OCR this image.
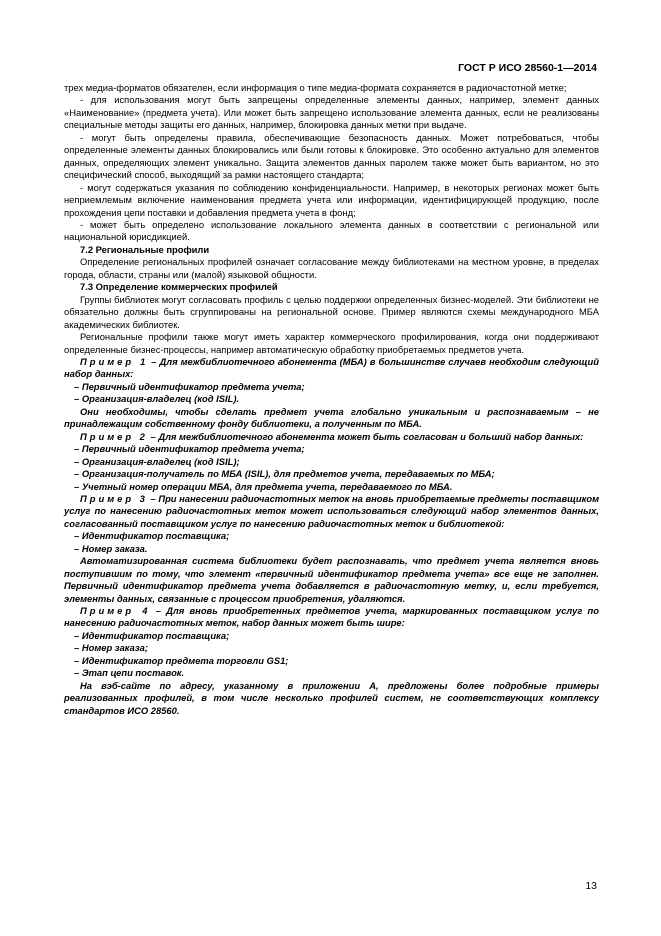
ГОСТ Р ИСО 28560-1—2014

трех медиа-форматов обязателен, если информация о типе медиа-формата сохраняется в радиочастотной метке;

- для использования могут быть запрещены определенные элементы данных, например, элемент данных «Наименование» (предмета учета). Или может быть запрещено использование элемента данных, если не реализованы специальные методы защиты его данных, например, блокировка данных метки при выдаче.

- могут быть определены правила, обеспечивающие безопасность данных. Может потребоваться, чтобы определенные элементы данных блокировались или были готовы к блокировке. Это особенно актуально для элементов данных, определяющих элемент уникально. Защита элементов данных паролем также может быть вариантом, но это специфический способ, выходящий за рамки настоящего стандарта;

- могут содержаться указания по соблюдению конфиденциальности. Например, в некоторых регионах может быть неприемлемым включение наименования предмета учета или информации, идентифицирующей продукцию, после прохождения цепи поставки и добавления предмета учета в фонд;

- может быть определено использование локального элемента данных в соответствии с региональной или национальной юрисдикцией.

7.2 Региональные профили

Определение региональных профилей означает согласование между библиотеками на местном уровне, в пределах города, области, страны или (малой) языковой общности.

7.3 Определение коммерческих профилей

Группы библиотек могут согласовать профиль с целью поддержки определенных бизнес-моделей. Эти библиотеки не обязательно должны быть сгруппированы на региональной основе. Пример являются схемы международного МБА академических библиотек.

Региональные профили также могут иметь характер коммерческого профилирования, когда они поддерживают определенные бизнес-процессы, например автоматическую обработку приобретаемых предметов учета.

Пример 1 – Для межбиблиотечного абонемента (МБА) в большинстве случаев необходим следующий набор данных:

– Первичный идентификатор предмета учета;

– Организация-владелец (код ISIL).

Они необходимы, чтобы сделать предмет учета глобально уникальным и распознаваемым – не принадлежащим собственному фонду библиотеки, а полученным по МБА.

Пример 2 – Для межбиблиотечного абонемента может быть согласован и больший набор данных:

– Первичный идентификатор предмета учета;

– Организация-владелец (код ISIL);

– Организация-получатель по МБА (ISIL), для предметов учета, передаваемых по МБА;

– Учетный номер операции МБА, для предмета учета, передаваемого по МБА.

Пример 3 – При нанесении радиочастотных меток на вновь приобретаемые предметы поставщиком услуг по нанесению радиочастотных меток может использоваться следующий набор элементов данных, согласованный поставщиком услуг по нанесению радиочастотных меток и библиотекой:

– Идентификатор поставщика;

– Номер заказа.

Автоматизированная система библиотеки будет распознавать, что предмет учета является вновь поступившим по тому, что элемент «первичный идентификатор предмета учета» все еще не заполнен. Первичный идентификатор предмета учета добавляется в радиочастотную метку, и, если требуется, элементы данных, связанные с процессом приобретения, удаляются.

Пример 4 – Для вновь приобретенных предметов учета, маркированных поставщиком услуг по нанесению радиочастотных меток, набор данных может быть шире:

– Идентификатор поставщика;

– Номер заказа;

– Идентификатор предмета торговли GS1;

– Этап цепи поставок.

На вэб-сайте по адресу, указанному в приложении А, предложены более подробные примеры реализованных профилей, в том числе несколько профилей систем, не соответствующих комплексу стандартов ИСО 28560.

13
